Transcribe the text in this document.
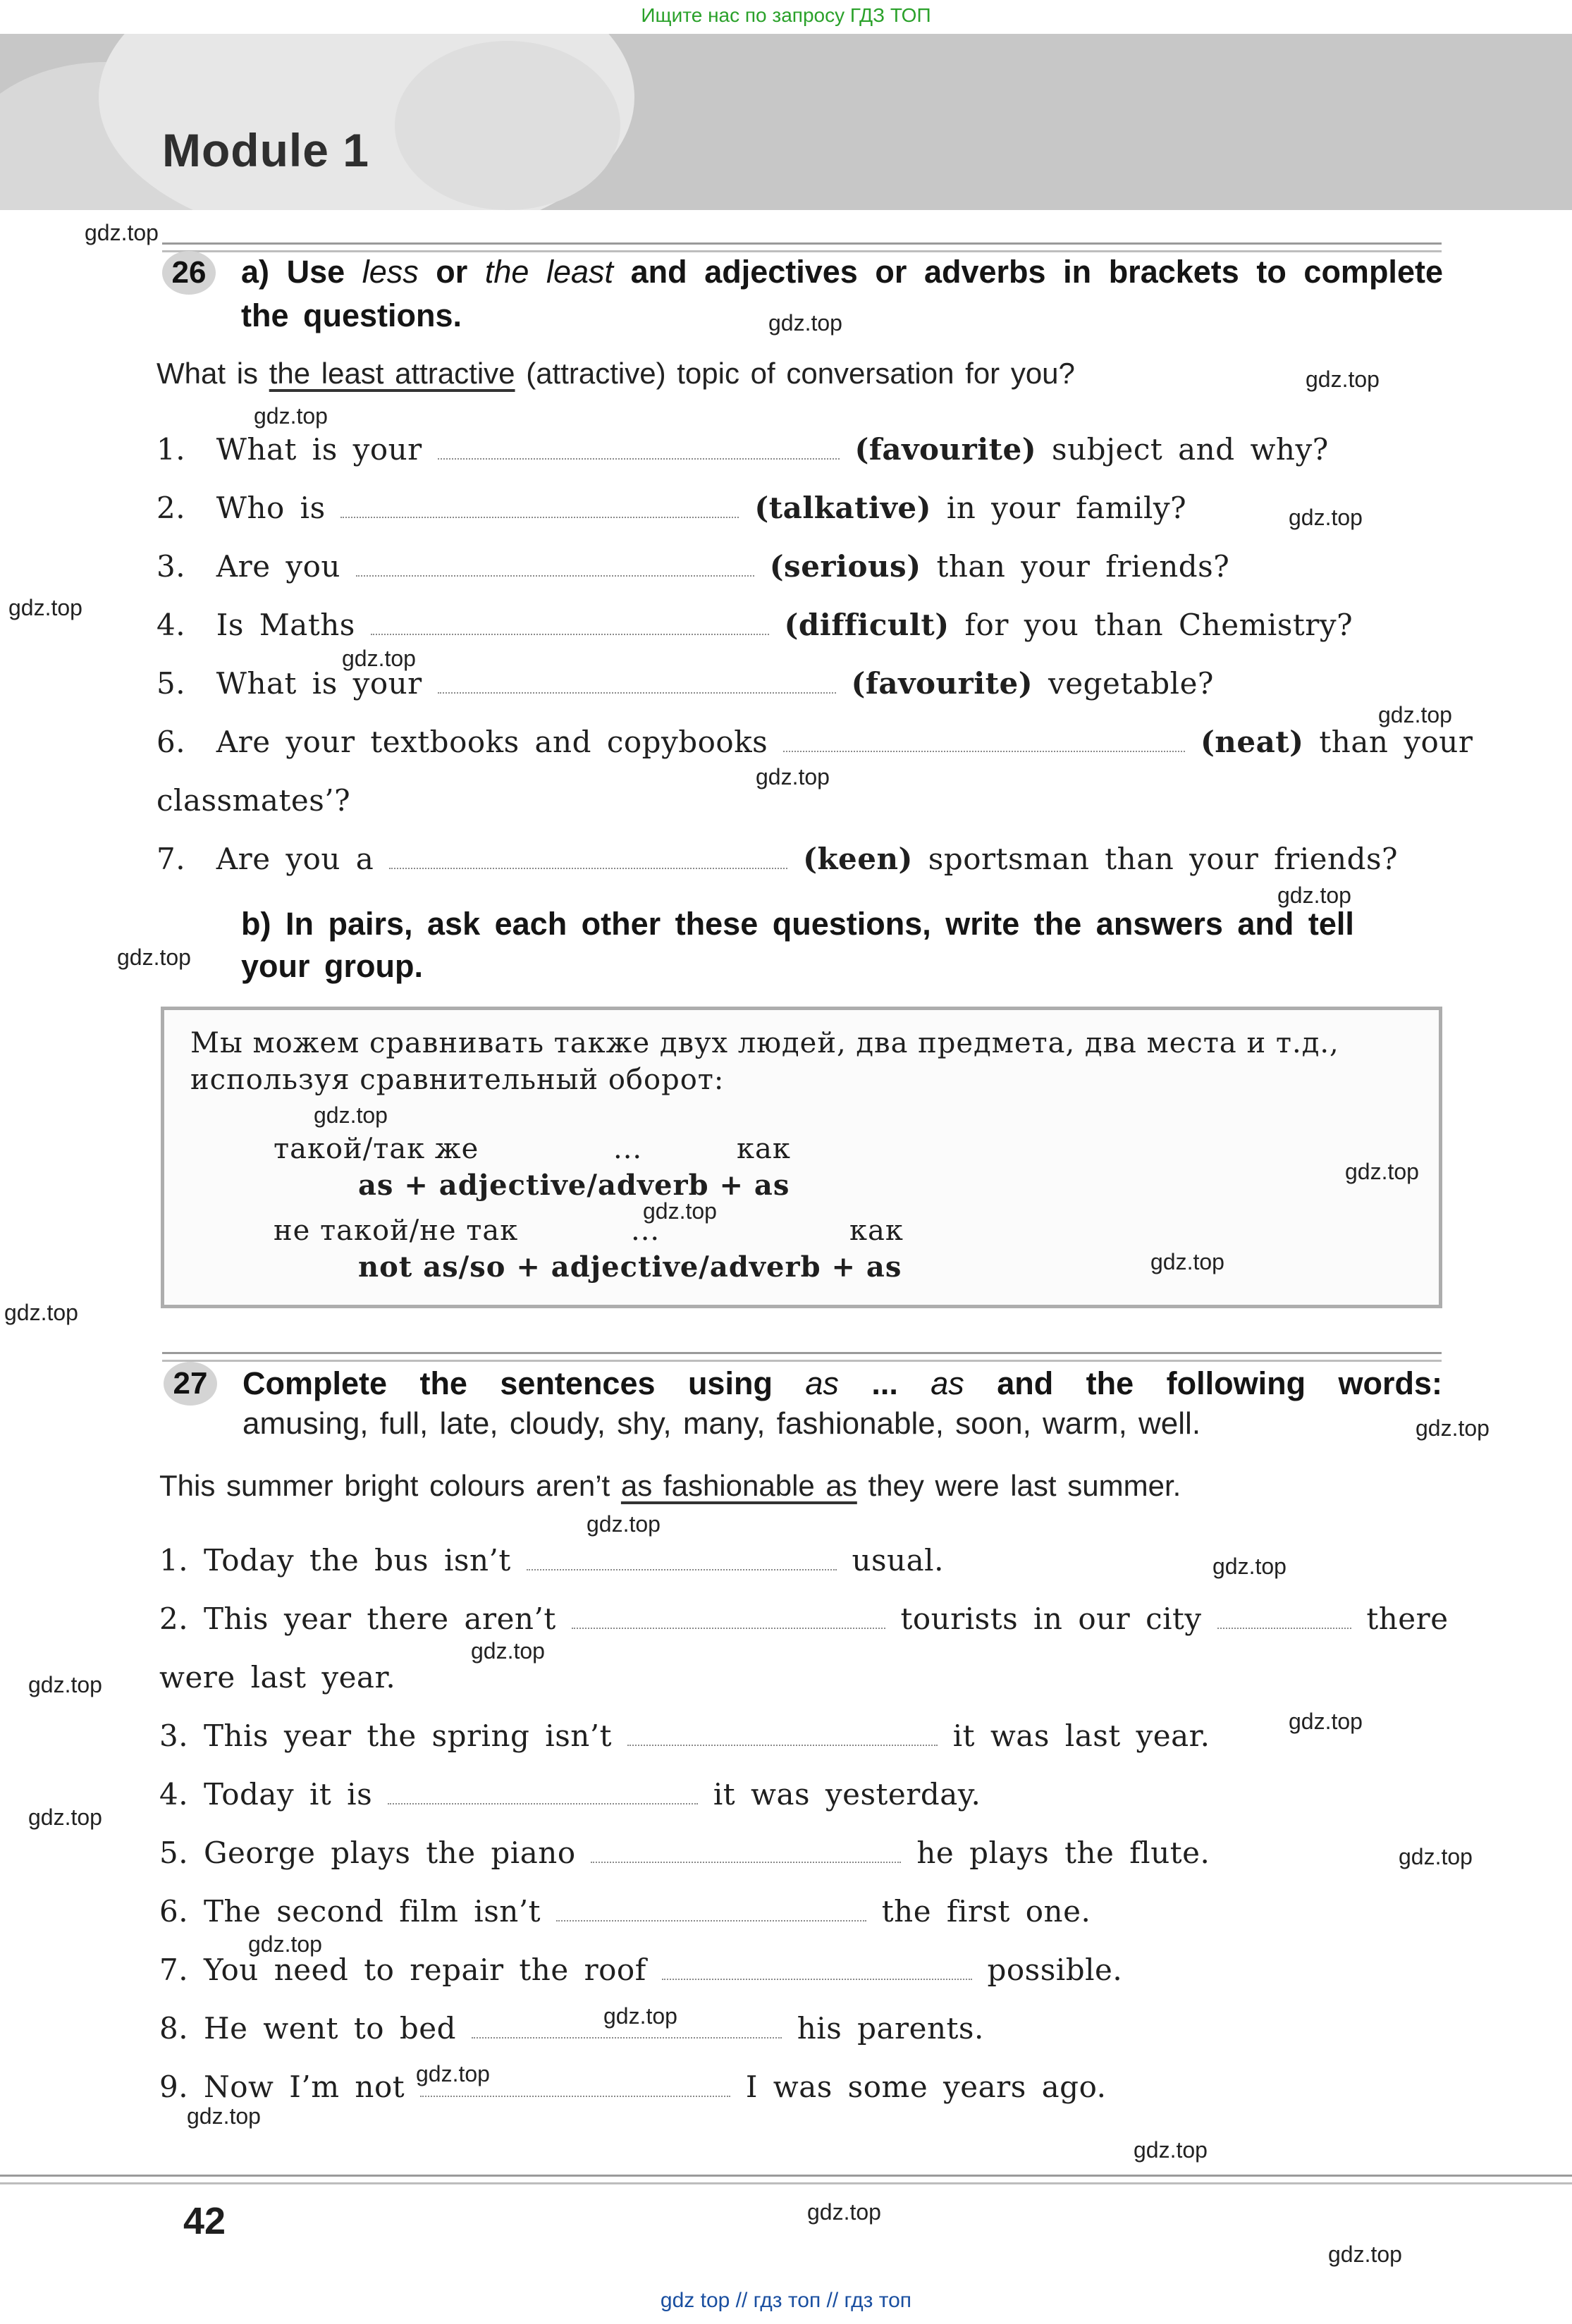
Ищите нас по запросу ГДЗ ТОП
Module 1
26	a) Use less or the least and adjectives or adverbs in brackets to complete the questions.
What is the least attractive (attractive) topic of conversation for you?
1. What is your	(favourite) subject and why?
2. Who is	(talkative) in your family?
3. Are you	(serious) than your friends?
4. Is Maths	(difficult) for you than Chemistry?
5. What is your	(favourite) vegetable?
6. Are your textbooks and copybooks	(neat) than your
classmates’?
7. Are you a	(keen) sportsman than your friends?
b) In pairs, ask each other these questions, write the answers and tell
your group.
Мы можем сравнивать также двух людей, два предмета, два места и т.д.,
используя сравнительный оборот:
такой/так же	...	как
as + adjective/adverb + as
не такой/не так	...	как
not as/so + adjective/adverb + as
27	Complete the sentences using as ... as and the following words:
amusing, full, late, cloudy, shy, many, fashionable, soon, warm, well.
This summer bright colours aren’t as fashionable as they were last summer.
1. Today the bus isn’t	usual.
2. This year there aren’t	tourists in our city	there
were last year.
3. This year the spring isn’t	it was last year.
4. Today it is	it was yesterday.
5. George plays the piano	he plays the flute.
6. The second film isn’t	the first one.
7. You need to repair the roof	possible.
8. He went to bed	his parents.
9. Now I’m not	I was some years ago.
42
gdz top // гдз топ // гдз топ
gdz.top
gdz.top
gdz.top
gdz.top
gdz.top
gdz.top
gdz.top
gdz.top
gdz.top
gdz.top
gdz.top
gdz.top
gdz.top
gdz.top
gdz.top
gdz.top
gdz.top
gdz.top
gdz.top
gdz.top
gdz.top
gdz.top
gdz.top
gdz.top
gdz.top
gdz.top
gdz.top
gdz.top
gdz.top
gdz.top
gdz.top
